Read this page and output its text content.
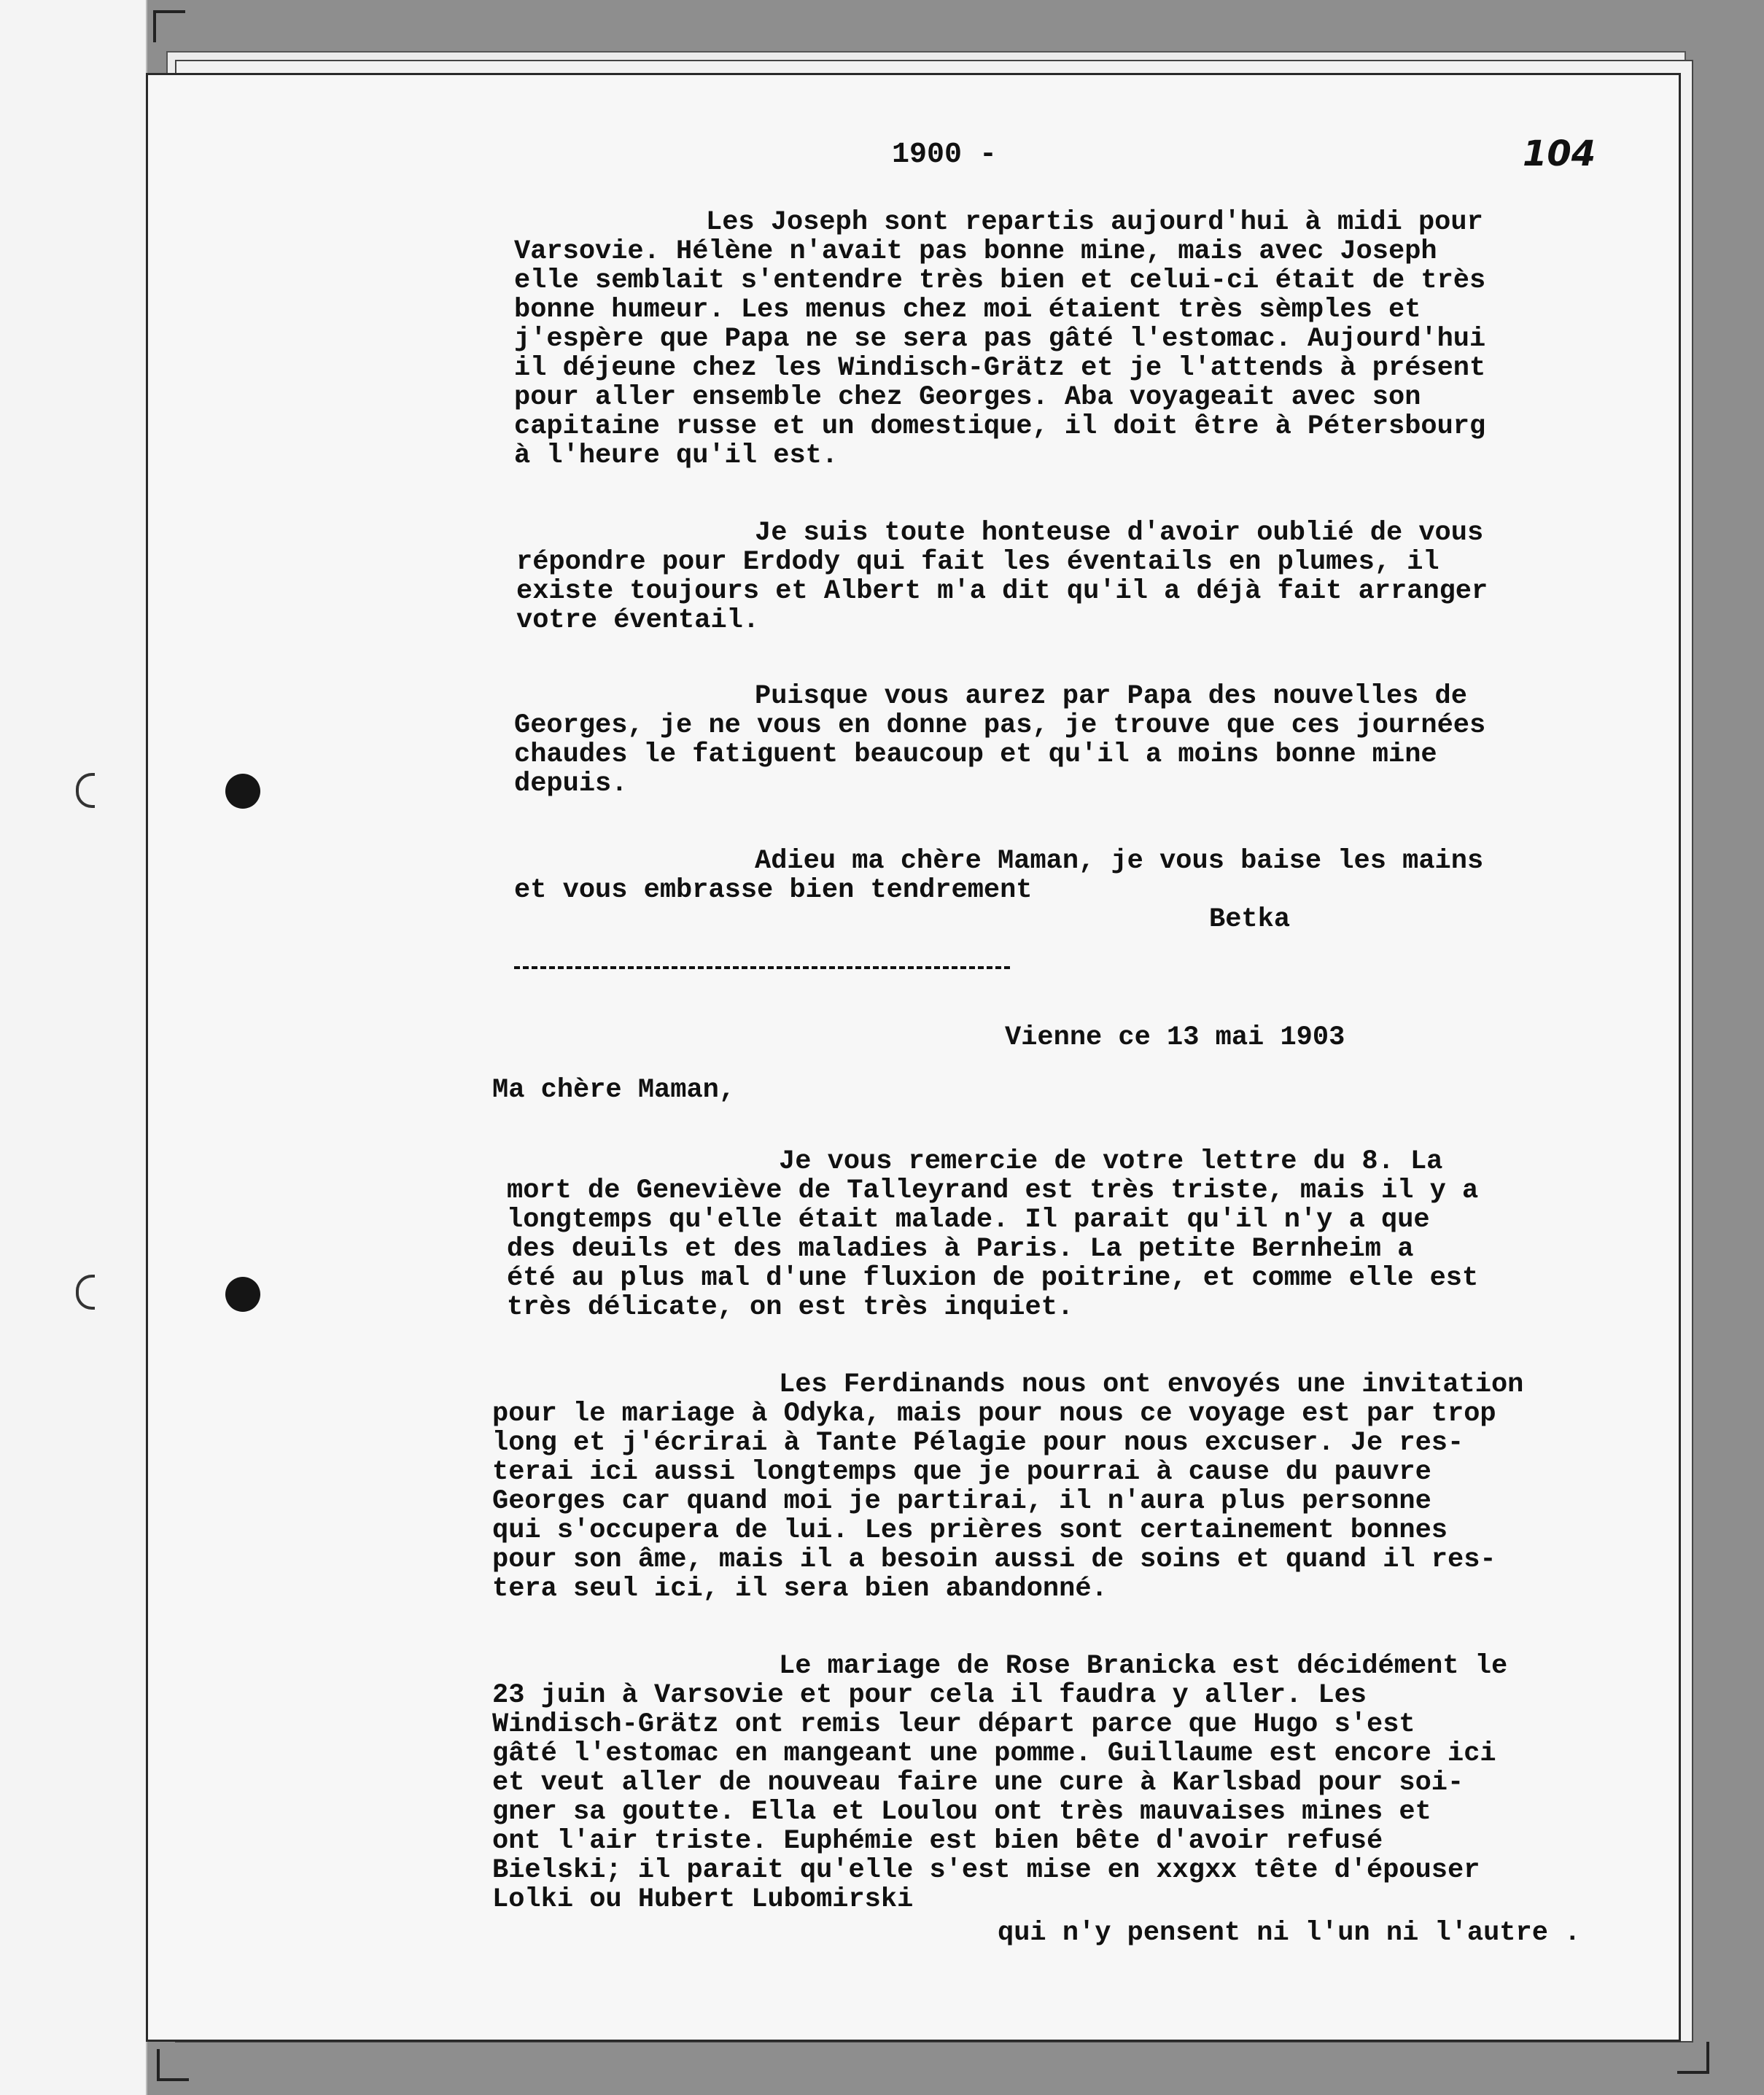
1900 -	104
Les Joseph sont repartis aujourd'hui à midi pour
Varsovie. Hélène n'avait pas bonne mine, mais avec Joseph
elle semblait s'entendre très bien et celui-ci était de très
bonne humeur. Les menus chez moi étaient très sèmples et
j'espère que Papa ne se sera pas gâté l'estomac. Aujourd'hui
il déjeune chez les Windisch-Grätz et je l'attends à présent
pour aller ensemble chez Georges. Aba voyageait avec son
capitaine russe et un domestique, il doit être à Pétersbourg
à l'heure qu'il est.
Je suis toute honteuse d'avoir oublié de vous
répondre pour Erdody qui fait les éventails en plumes, il
existe toujours et Albert m'a dit qu'il a déjà fait arranger
votre éventail.
Puisque vous aurez par Papa des nouvelles de
Georges, je ne vous en donne pas, je trouve que ces journées
chaudes le fatiguent beaucoup et qu'il a moins bonne mine
depuis.
Adieu ma chère Maman, je vous baise les mains
et vous embrasse bien tendrement
Betka
Vienne ce 13 mai 1903
Ma chère Maman,
Je vous remercie de votre lettre du 8. La
mort de Geneviève de Talleyrand est très triste, mais il y a
longtemps qu'elle était malade. Il parait qu'il n'y a que
des deuils et des maladies à Paris. La petite Bernheim a
été au plus mal d'une fluxion de poitrine, et comme elle est
très délicate, on est très inquiet.
Les Ferdinands nous ont envoyés une invitation
pour le mariage à Odyka, mais pour nous ce voyage est par trop
long et j'écrirai à Tante Pélagie pour nous excuser. Je res-
terai ici aussi longtemps que je pourrai à cause du pauvre
Georges car quand moi je partirai, il n'aura plus personne
qui s'occupera de lui. Les prières sont certainement bonnes
pour son âme, mais il a besoin aussi de soins et quand il res-
tera seul ici, il sera bien abandonné.
Le mariage de Rose Branicka est décidément le
23 juin à Varsovie et pour cela il faudra y aller. Les
Windisch-Grätz ont remis leur départ parce que Hugo s'est
gâté l'estomac en mangeant une pomme. Guillaume est encore ici
et veut aller de nouveau faire une cure à Karlsbad pour soi-
gner sa goutte. Ella et Loulou ont très mauvaises mines et
ont l'air triste. Euphémie est bien bête d'avoir refusé
Bielski; il parait qu'elle s'est mise en xxgxx tête d'épouser
Lolki ou Hubert Lubomirski
qui n'y pensent ni l'un ni l'autre .
